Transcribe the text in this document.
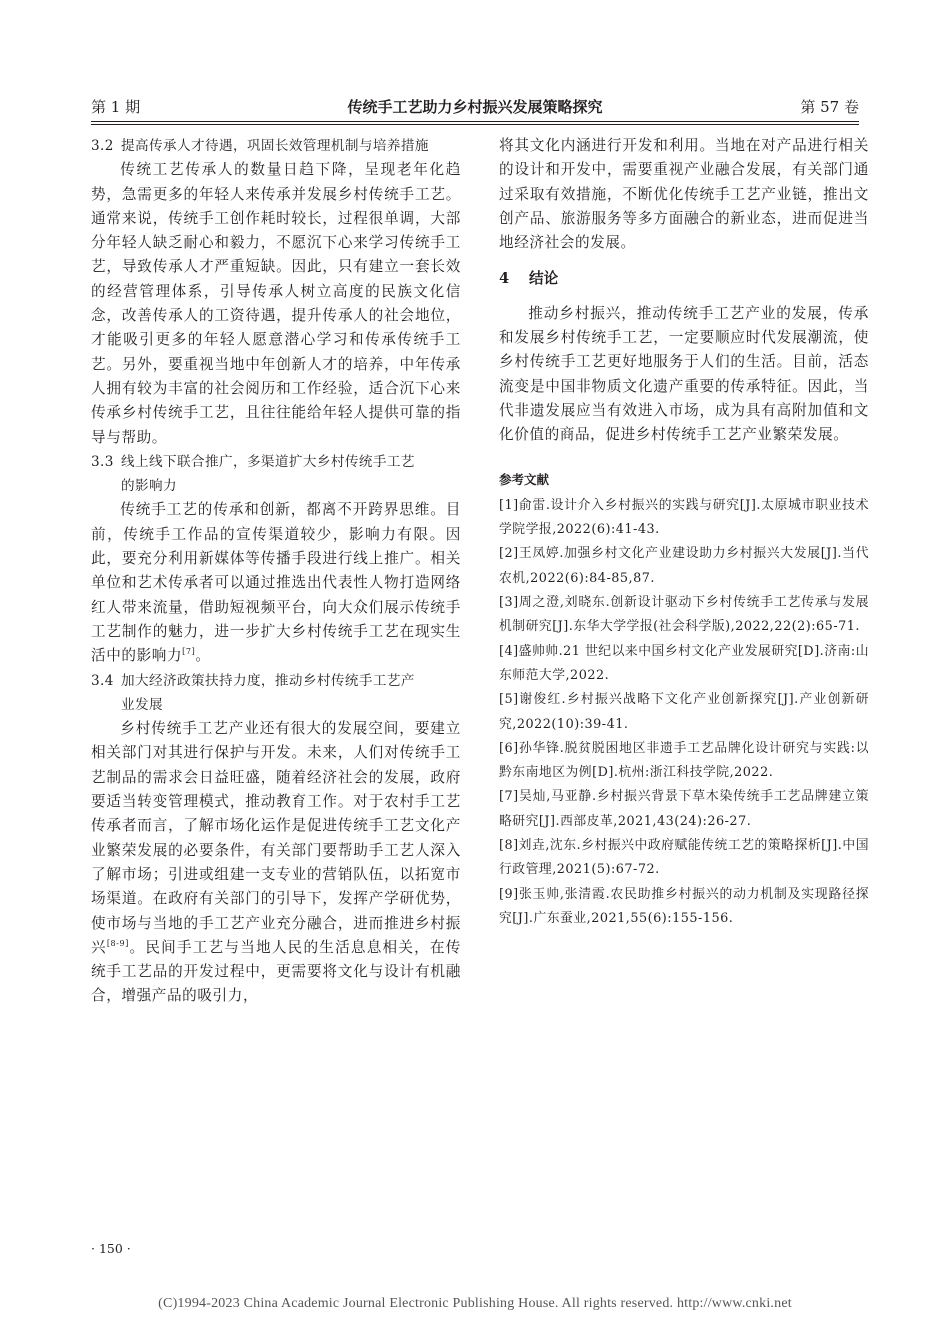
第 1 期	传统手工艺助力乡村振兴发展策略探究	第 57 卷
3.2 提高传承人才待遇，巩固长效管理机制与培养措施

传统工艺传承人的数量日趋下降，呈现老年化趋势，急需更多的年轻人来传承并发展乡村传统手工艺。通常来说，传统手工创作耗时较长，过程很单调，大部分年轻人缺乏耐心和毅力，不愿沉下心来学习传统手工艺，导致传承人才严重短缺。因此，只有建立一套长效的经营管理体系，引导传承人树立高度的民族文化信念，改善传承人的工资待遇，提升传承人的社会地位，才能吸引更多的年轻人愿意潜心学习和传承传统手工艺。另外，要重视当地中年创新人才的培养，中年传承人拥有较为丰富的社会阅历和工作经验，适合沉下心来传承乡村传统手工艺，且往往能给年轻人提供可靠的指导与帮助。

3.3 线上线下联合推广，多渠道扩大乡村传统手工艺
的影响力

传统手工艺的传承和创新，都离不开跨界思维。目前，传统手工作品的宣传渠道较少，影响力有限。因此，要充分利用新媒体等传播手段进行线上推广。相关单位和艺术传承者可以通过推选出代表性人物打造网络红人带来流量，借助短视频平台，向大众们展示传统手工艺制作的魅力，进一步扩大乡村传统手工艺在现实生活中的影响力[7]。

3.4 加大经济政策扶持力度，推动乡村传统手工艺产
业发展

乡村传统手工艺产业还有很大的发展空间，要建立相关部门对其进行保护与开发。未来，人们对传统手工艺制品的需求会日益旺盛，随着经济社会的发展，政府要适当转变管理模式，推动教育工作。对于农村手工艺传承者而言，了解市场化运作是促进传统手工艺文化产业繁荣发展的必要条件，有关部门要帮助手工艺人深入了解市场；引进或组建一支专业的营销队伍，以拓宽市场渠道。在政府有关部门的引导下，发挥产学研优势，使市场与当地的手工艺产业充分融合，进而推进乡村振兴[8-9]。民间手工艺与当地人民的生活息息相关，在传统手工艺品的开发过程中，更需要将文化与设计有机融合，增强产品的吸引力，

将其文化内涵进行开发和利用。当地在对产品进行相关的设计和开发中，需要重视产业融合发展，有关部门通过采取有效措施，不断优化传统手工艺产业链，推出文创产品、旅游服务等多方面融合的新业态，进而促进当地经济社会的发展。

4 结论

推动乡村振兴，推动传统手工艺产业的发展，传承和发展乡村传统手工艺，一定要顺应时代发展潮流，使乡村传统手工艺更好地服务于人们的生活。目前，活态流变是中国非物质文化遗产重要的传承特征。因此，当代非遗发展应当有效进入市场，成为具有高附加值和文化价值的商品，促进乡村传统手工艺产业繁荣发展。

参考文献
[1]俞雷.设计介入乡村振兴的实践与研究[J].太原城市职业技术学院学报,2022(6):41-43.
[2]王凤婷.加强乡村文化产业建设助力乡村振兴大发展[J].当代农机,2022(6):84-85,87.
[3]周之澄,刘晓东.创新设计驱动下乡村传统手工艺传承与发展机制研究[J].东华大学学报(社会科学版),2022,22(2):65-71.
[4]盛帅帅.21 世纪以来中国乡村文化产业发展研究[D].济南:山东师范大学,2022.
[5]谢俊红.乡村振兴战略下文化产业创新探究[J].产业创新研究,2022(10):39-41.
[6]孙华锋.脱贫脱困地区非遗手工艺品牌化设计研究与实践:以黔东南地区为例[D].杭州:浙江科技学院,2022.
[7]吴灿,马亚静.乡村振兴背景下草木染传统手工艺品牌建立策略研究[J].西部皮革,2021,43(24):26-27.
[8]刘垚,沈东.乡村振兴中政府赋能传统工艺的策略探析[J].中国行政管理,2021(5):67-72.
[9]张玉帅,张清霞.农民助推乡村振兴的动力机制及实现路径探究[J].广东蚕业,2021,55(6):155-156.
· 150 ·
(C)1994-2023 China Academic Journal Electronic Publishing House. All rights reserved. http://www.cnki.net
